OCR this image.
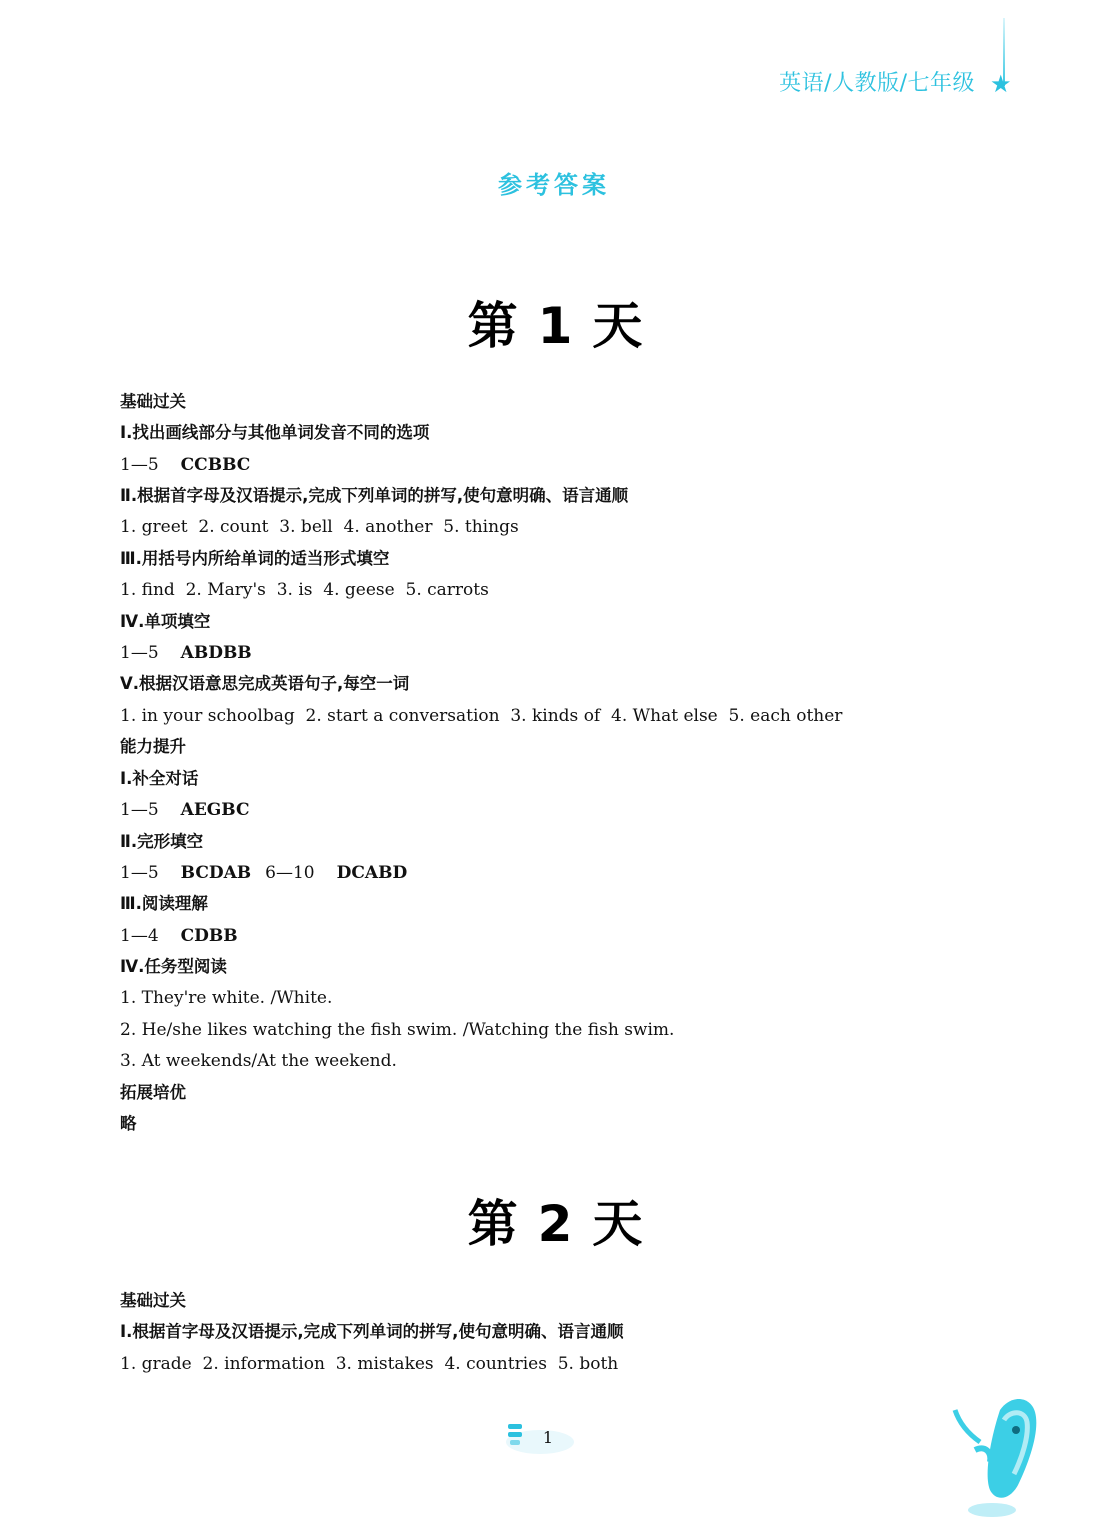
英语/人教版/七年级 ★
参考答案
第 1 天
基础过关
Ⅰ.找出画线部分与其他单词发音不同的选项
1—5 CCBBC
Ⅱ.根据首字母及汉语提示,完成下列单词的拼写,使句意明确、语言通顺
1. greet  2. count  3. bell  4. another  5. things
Ⅲ.用括号内所给单词的适当形式填空
1. find  2. Mary's  3. is  4. geese  5. carrots
Ⅳ.单项填空
1—5 ABDBB
Ⅴ.根据汉语意思完成英语句子,每空一词
1. in your schoolbag  2. start a conversation  3. kinds of  4. What else  5. each other
能力提升
Ⅰ.补全对话
1—5 AEGBC
Ⅱ.完形填空
1—5 BCDAB 6—10 DCABD
Ⅲ.阅读理解
1—4 CDBB
Ⅳ.任务型阅读
1. They're white. /White.
2. He/she likes watching the fish swim. /Watching the fish swim.
3. At weekends/At the weekend.
拓展培优
略
第 2 天
基础过关
Ⅰ.根据首字母及汉语提示,完成下列单词的拼写,使句意明确、语言通顺
1. grade  2. information  3. mistakes  4. countries  5. both
1
